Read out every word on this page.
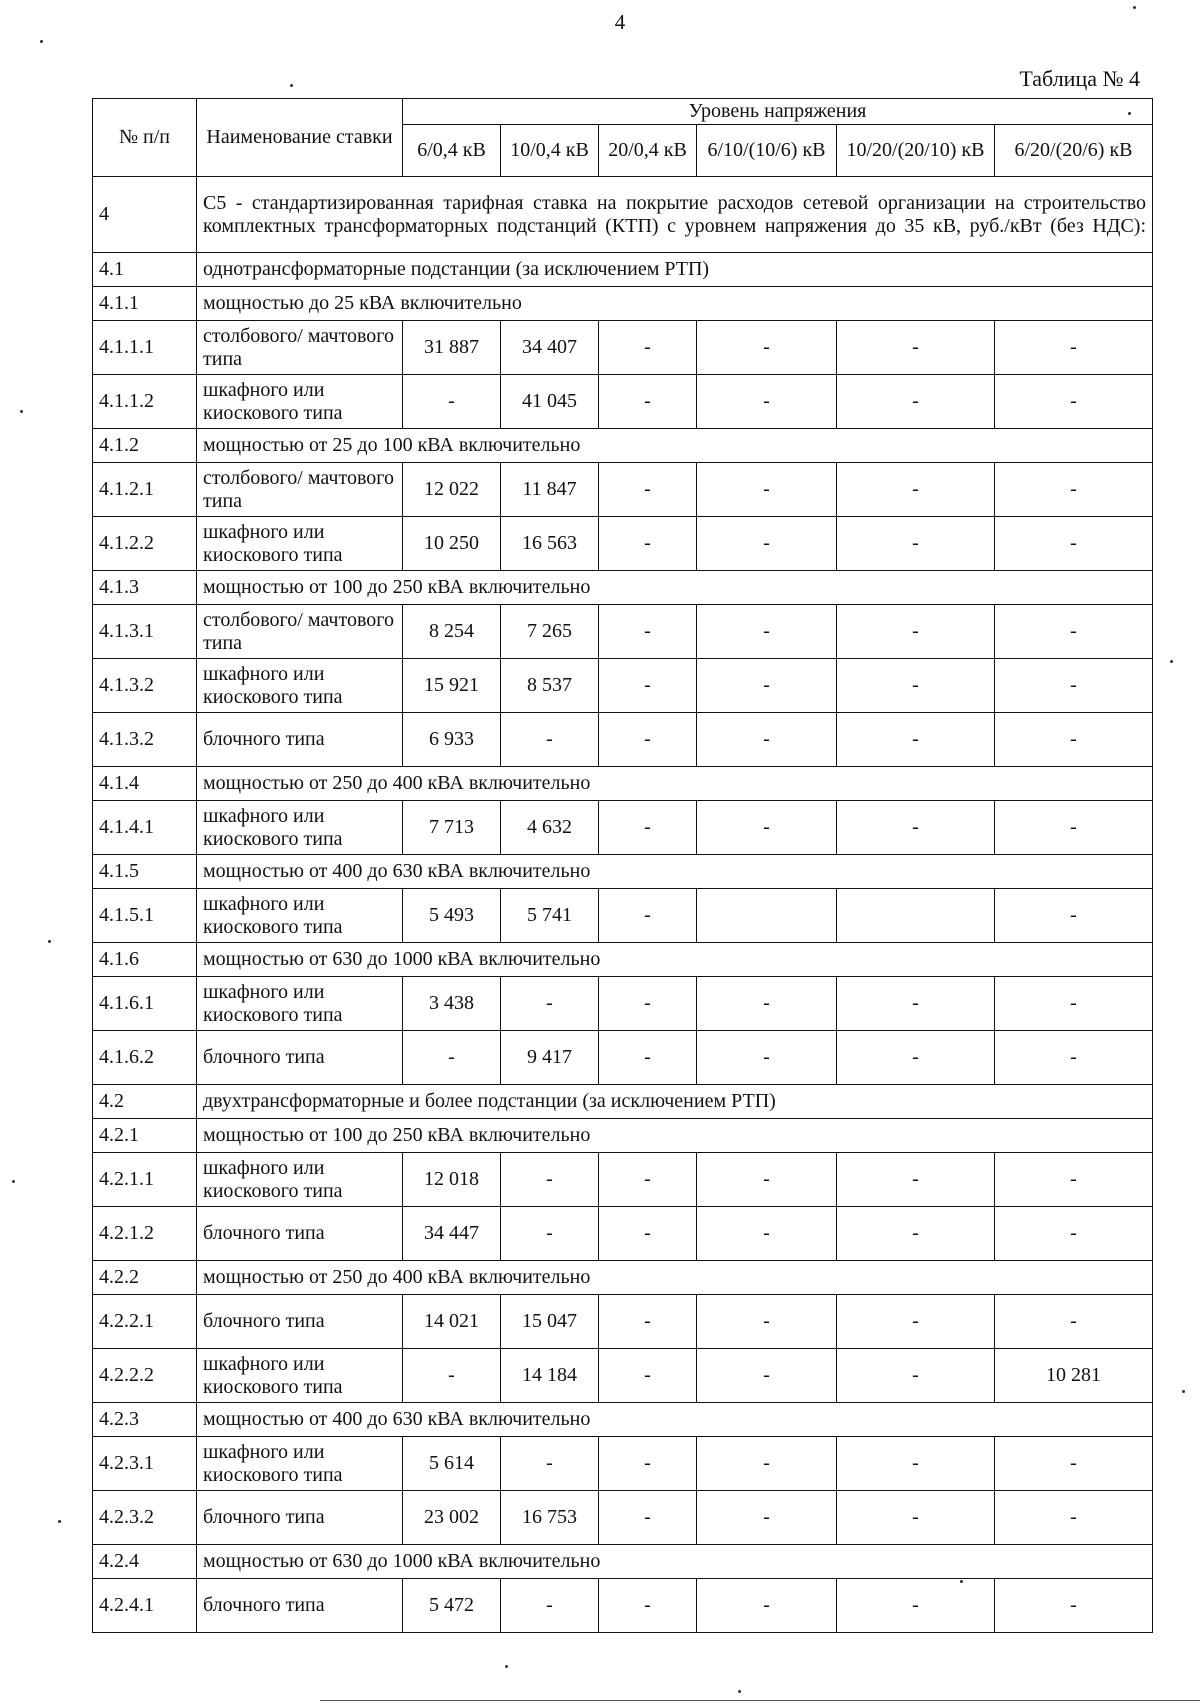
4
Таблица № 4
№ п/п	Наименование ставки	Уровень напряжения					
		6/0,4 кВ	10/0,4 кВ	20/0,4 кВ	6/10/(10/6) кВ	10/20/(20/10) кВ	6/20/(20/6) кВ
4	С5 - стандартизированная тарифная ставка на покрытие расходов сетевой организации на строительство комплектных трансформаторных подстанций (КТП) с уровнем напряжения до 35 кВ, руб./кВт (без НДС):						
4.1	однотрансформаторные подстанции (за исключением РТП)						
4.1.1	мощностью до 25 кВА включительно						
4.1.1.1	столбового/ мачтового типа	31 887	34 407	-	-	-	-
4.1.1.2	шкафного или киоскового типа	-	41 045	-	-	-	-
4.1.2	мощностью от 25 до 100 кВА включительно						
4.1.2.1	столбового/ мачтового типа	12 022	11 847	-	-	-	-
4.1.2.2	шкафного или киоскового типа	10 250	16 563	-	-	-	-
4.1.3	мощностью от 100 до 250 кВА включительно						
4.1.3.1	столбового/ мачтового типа	8 254	7 265	-	-	-	-
4.1.3.2	шкафного или киоскового типа	15 921	8 537	-	-	-	-
4.1.3.2	блочного типа	6 933	-	-	-	-	-
4.1.4	мощностью от 250 до 400 кВА включительно						
4.1.4.1	шкафного или киоскового типа	7 713	4 632	-	-	-	-
4.1.5	мощностью от 400 до 630 кВА включительно						
4.1.5.1	шкафного или киоскового типа	5 493	5 741	-			-
4.1.6	мощностью от 630 до 1000 кВА включительно						
4.1.6.1	шкафного или киоскового типа	3 438	-	-	-	-	-
4.1.6.2	блочного типа	-	9 417	-	-	-	-
4.2	двухтрансформаторные и более подстанции (за исключением РТП)						
4.2.1	мощностью от 100 до 250 кВА включительно						
4.2.1.1	шкафного или киоскового типа	12 018	-	-	-	-	-
4.2.1.2	блочного типа	34 447	-	-	-	-	-
4.2.2	мощностью от 250 до 400 кВА включительно						
4.2.2.1	блочного типа	14 021	15 047	-	-	-	-
4.2.2.2	шкафного или киоскового типа	-	14 184	-	-	-	10 281
4.2.3	мощностью от 400 до 630 кВА включительно						
4.2.3.1	шкафного или киоскового типа	5 614	-	-	-	-	-
4.2.3.2	блочного типа	23 002	16 753	-	-	-	-
4.2.4	мощностью от 630 до 1000 кВА включительно						
4.2.4.1	блочного типа	5 472	-	-	-	-	-
